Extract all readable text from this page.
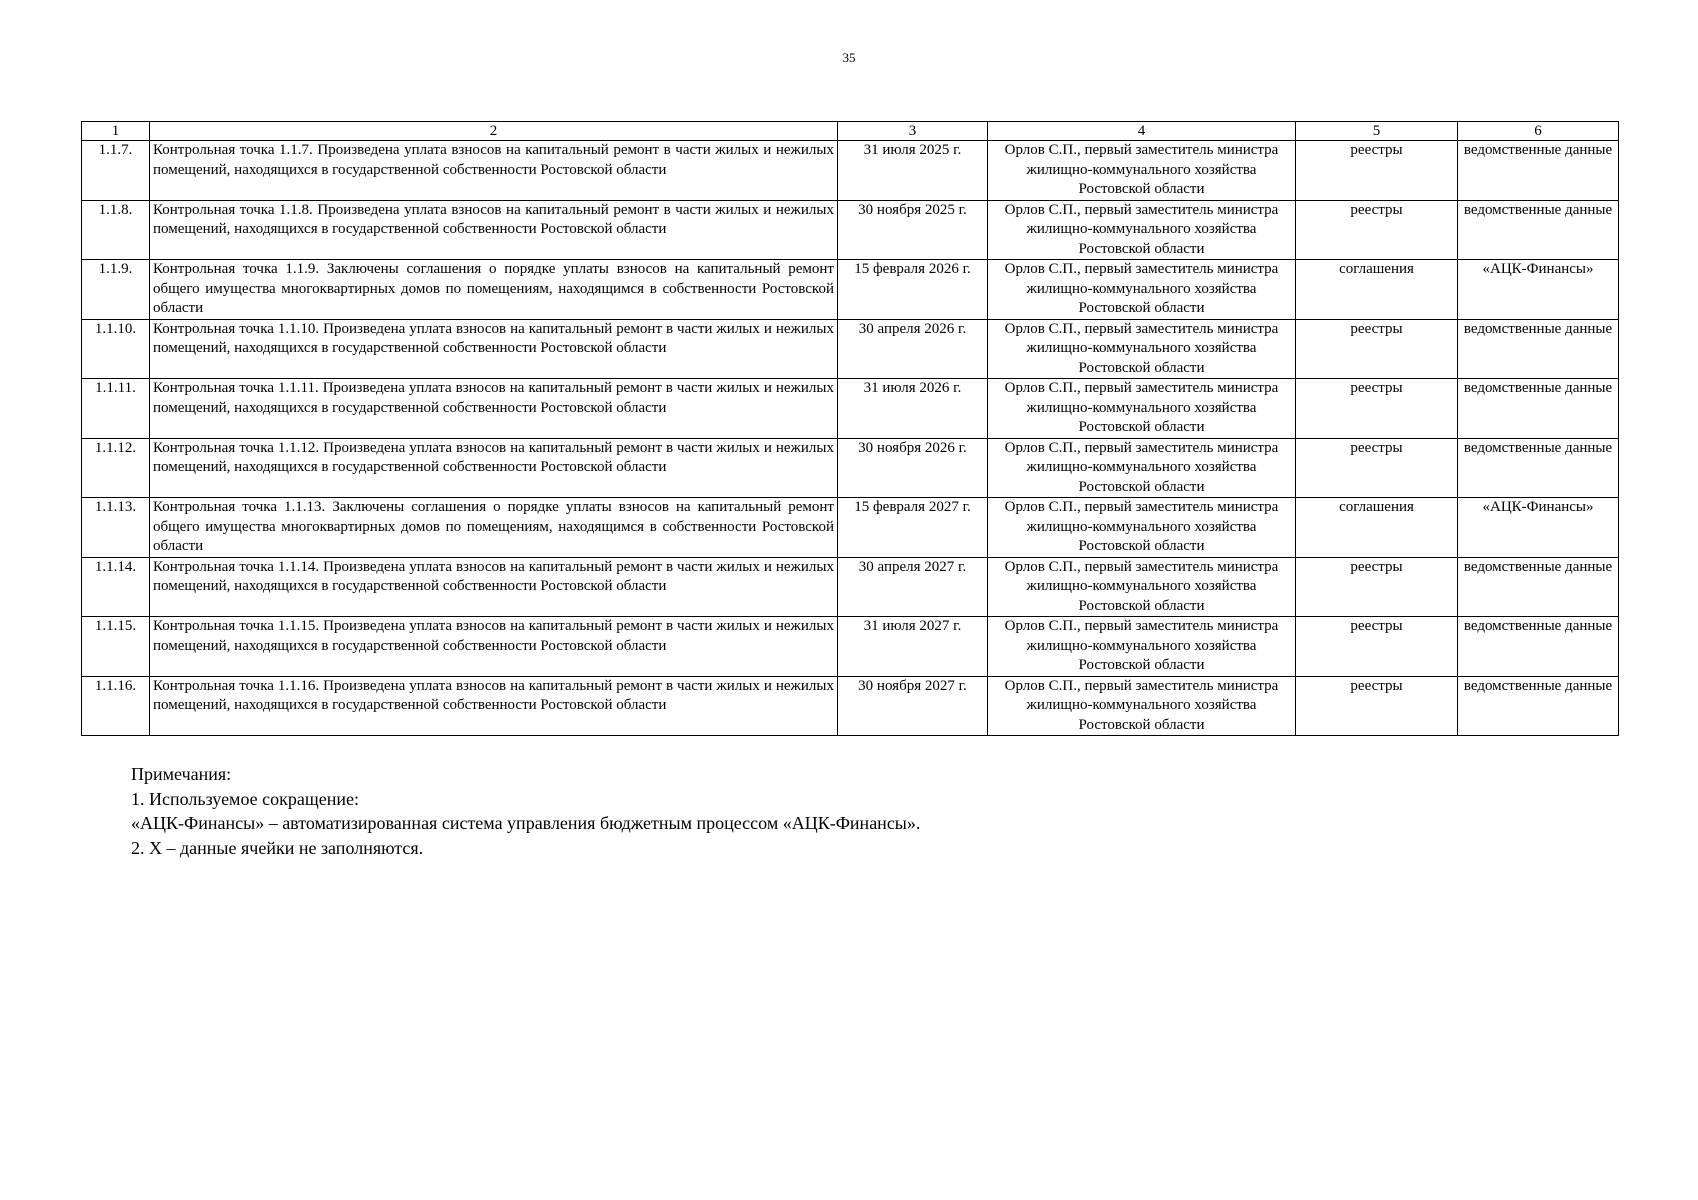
35
1	2	3	4	5	6
1.1.7.	Контрольная точка 1.1.7. Произведена уплата взносов на капитальный ремонт в части жилых и нежилых помещений, находящихся в государственной собственности Ростовской области	31 июля 2025 г.	Орлов С.П., первый заместитель министра жилищно-коммунального хозяйства Ростовской области	реестры	ведомственные данные
1.1.8.	Контрольная точка 1.1.8. Произведена уплата взносов на капитальный ремонт в части жилых и нежилых помещений, находящихся в государственной собственности Ростовской области	30 ноября 2025 г.	Орлов С.П., первый заместитель министра жилищно-коммунального хозяйства Ростовской области	реестры	ведомственные данные
1.1.9.	Контрольная точка 1.1.9. Заключены соглашения о порядке уплаты взносов на капитальный ремонт общего имущества многоквартирных домов по помещениям, находящимся в собственности Ростовской области	15 февраля 2026 г.	Орлов С.П., первый заместитель министра жилищно-коммунального хозяйства Ростовской области	соглашения	«АЦК-Финансы»
1.1.10.	Контрольная точка 1.1.10. Произведена уплата взносов на капитальный ремонт в части жилых и нежилых помещений, находящихся в государственной собственности Ростовской области	30 апреля 2026 г.	Орлов С.П., первый заместитель министра жилищно-коммунального хозяйства Ростовской области	реестры	ведомственные данные
1.1.11.	Контрольная точка 1.1.11. Произведена уплата взносов на капитальный ремонт в части жилых и нежилых помещений, находящихся в государственной собственности Ростовской области	31 июля 2026 г.	Орлов С.П., первый заместитель министра жилищно-коммунального хозяйства Ростовской области	реестры	ведомственные данные
1.1.12.	Контрольная точка 1.1.12. Произведена уплата взносов на капитальный ремонт в части жилых и нежилых помещений, находящихся в государственной собственности Ростовской области	30 ноября 2026 г.	Орлов С.П., первый заместитель министра жилищно-коммунального хозяйства Ростовской области	реестры	ведомственные данные
1.1.13.	Контрольная точка 1.1.13. Заключены соглашения о порядке уплаты взносов на капитальный ремонт общего имущества многоквартирных домов по помещениям, находящимся в собственности Ростовской области	15 февраля 2027 г.	Орлов С.П., первый заместитель министра жилищно-коммунального хозяйства Ростовской области	соглашения	«АЦК-Финансы»
1.1.14.	Контрольная точка 1.1.14. Произведена уплата взносов на капитальный ремонт в части жилых и нежилых помещений, находящихся в государственной собственности Ростовской области	30 апреля 2027 г.	Орлов С.П., первый заместитель министра жилищно-коммунального хозяйства Ростовской области	реестры	ведомственные данные
1.1.15.	Контрольная точка 1.1.15. Произведена уплата взносов на капитальный ремонт в части жилых и нежилых помещений, находящихся в государственной собственности Ростовской области	31 июля 2027 г.	Орлов С.П., первый заместитель министра жилищно-коммунального хозяйства Ростовской области	реестры	ведомственные данные
1.1.16.	Контрольная точка 1.1.16. Произведена уплата взносов на капитальный ремонт в части жилых и нежилых помещений, находящихся в государственной собственности Ростовской области	30 ноября 2027 г.	Орлов С.П., первый заместитель министра жилищно-коммунального хозяйства Ростовской области	реестры	ведомственные данные
Примечания:
1. Используемое сокращение:
«АЦК-Финансы» – автоматизированная система управления бюджетным процессом «АЦК-Финансы».
2. Х – данные ячейки не заполняются.
